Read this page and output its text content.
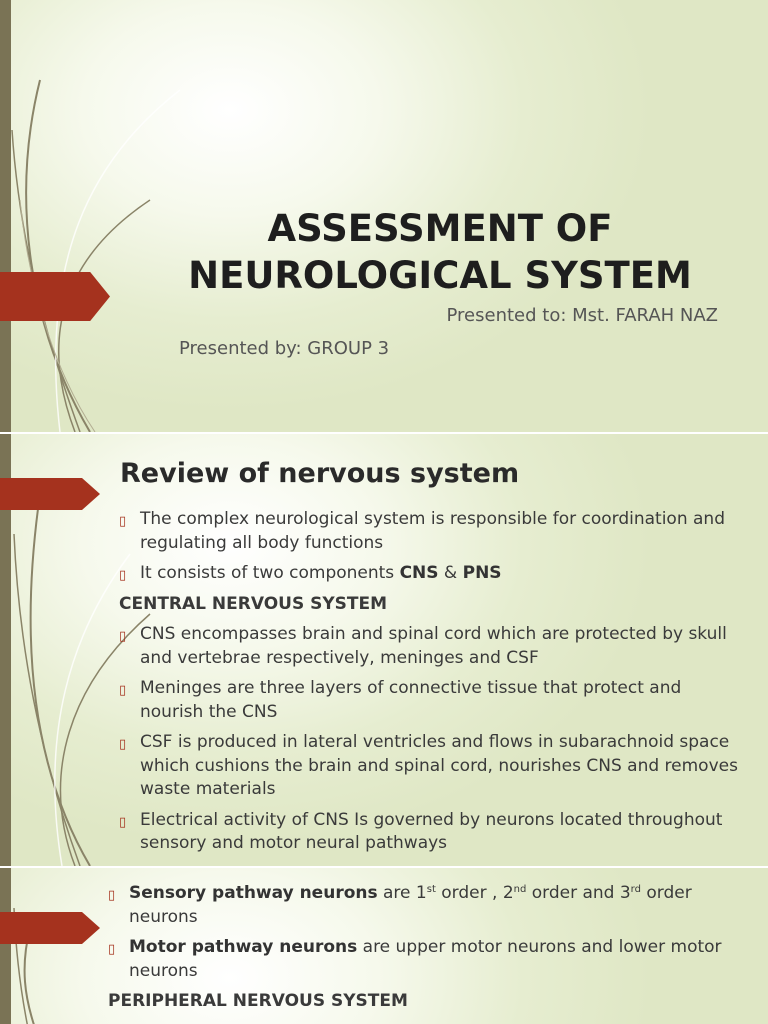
ASSESSMENT OF
NEUROLOGICAL SYSTEM
Presented to: Mst. FARAH NAZ
Presented by: GROUP 3
Review of nervous system
▯ The complex neurological system is responsible for coordination and regulating all body functions
▯ It consists of two components CNS & PNS
CENTRAL NERVOUS SYSTEM
▯ CNS encompasses brain and spinal cord which are protected by skull and vertebrae respectively, meninges and CSF
▯ Meninges are three layers of connective tissue that protect and nourish the CNS
▯ CSF is produced in lateral ventricles and flows in subarachnoid space which cushions the brain and spinal cord, nourishes CNS and removes waste materials
▯ Electrical activity of CNS Is governed by neurons located throughout sensory and motor neural pathways
▯ Sensory pathway neurons are 1st order , 2nd order and 3rd order neurons
▯ Motor pathway neurons are upper motor neurons and lower motor neurons
PERIPHERAL NERVOUS SYSTEM
